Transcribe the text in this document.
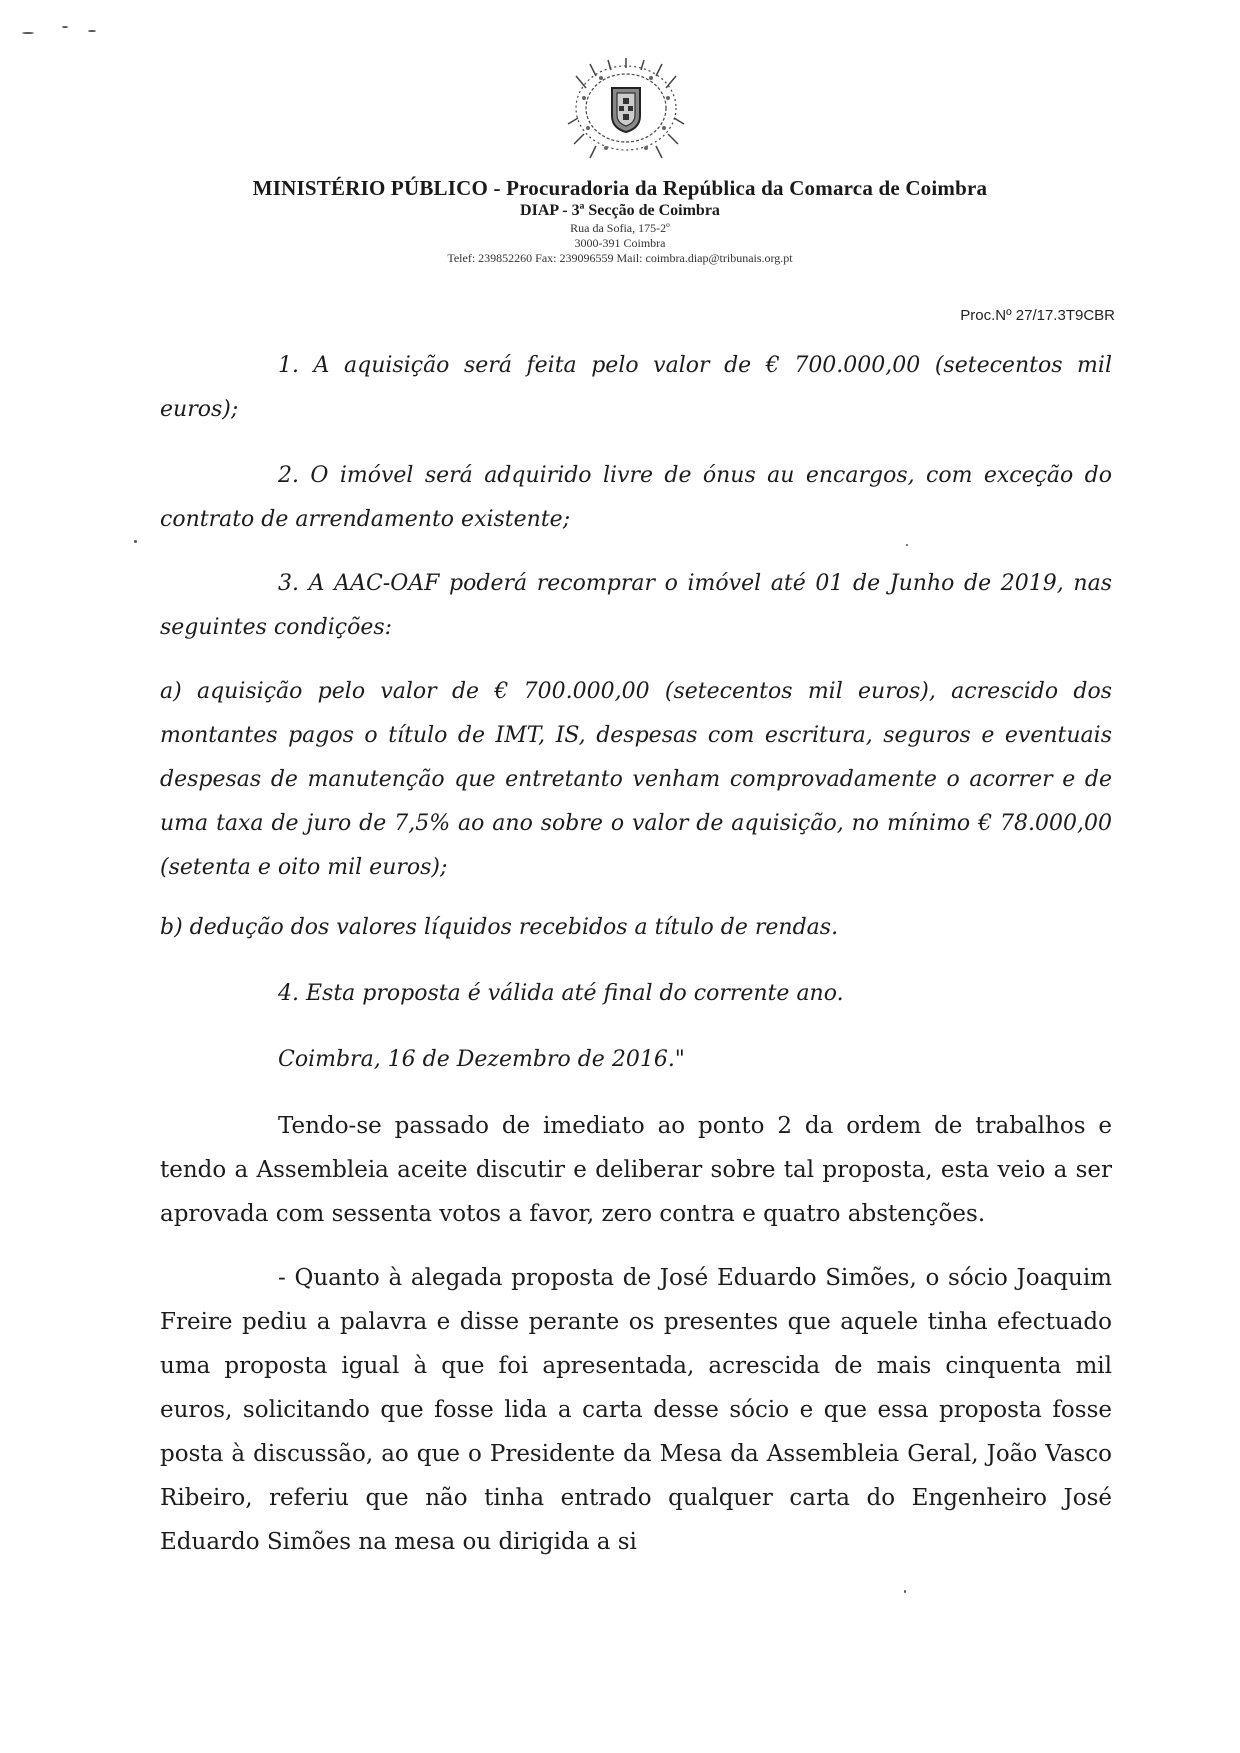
MINISTÉRIO PÚBLICO - Procuradoria da República da Comarca de Coimbra

DIAP - 3ª Secção de Coimbra

Rua da Sofia, 175-2º

3000-391 Coimbra

Telef: 239852260 Fax: 239096559 Mail: coimbra.diap@tribunais.org.pt

Proc.Nº 27/17.3T9CBR

1. A aquisição será feita pelo valor de € 700.000,00 (setecentos mil euros);

2. O imóvel será adquirido livre de ónus au encargos, com exceção do contrato de arrendamento existente;

3. A AAC-OAF poderá recomprar o imóvel até 01 de Junho de 2019, nas seguintes condições:

a) aquisição pelo valor de € 700.000,00 (setecentos mil euros), acrescido dos montantes pagos o título de IMT, IS, despesas com escritura, seguros e eventuais despesas de manutenção que entretanto venham comprovadamente o acorrer e de uma taxa de juro de 7,5% ao ano sobre o valor de aquisição, no mínimo € 78.000,00 (setenta e oito mil euros);

b) dedução dos valores líquidos recebidos a título de rendas.

4. Esta proposta é válida até final do corrente ano.

Coimbra, 16 de Dezembro de 2016."

Tendo-se passado de imediato ao ponto 2 da ordem de trabalhos e tendo a Assembleia aceite discutir e deliberar sobre tal proposta, esta veio a ser aprovada com sessenta votos a favor, zero contra e quatro abstenções.

- Quanto à alegada proposta de José Eduardo Simões, o sócio Joaquim Freire pediu a palavra e disse perante os presentes que aquele tinha efectuado uma proposta igual à que foi apresentada, acrescida de mais cinquenta mil euros, solicitando que fosse lida a carta desse sócio e que essa proposta fosse posta à discussão, ao que o Presidente da Mesa da Assembleia Geral, João Vasco Ribeiro, referiu que não tinha entrado qualquer carta do Engenheiro José Eduardo Simões na mesa ou dirigida a si
